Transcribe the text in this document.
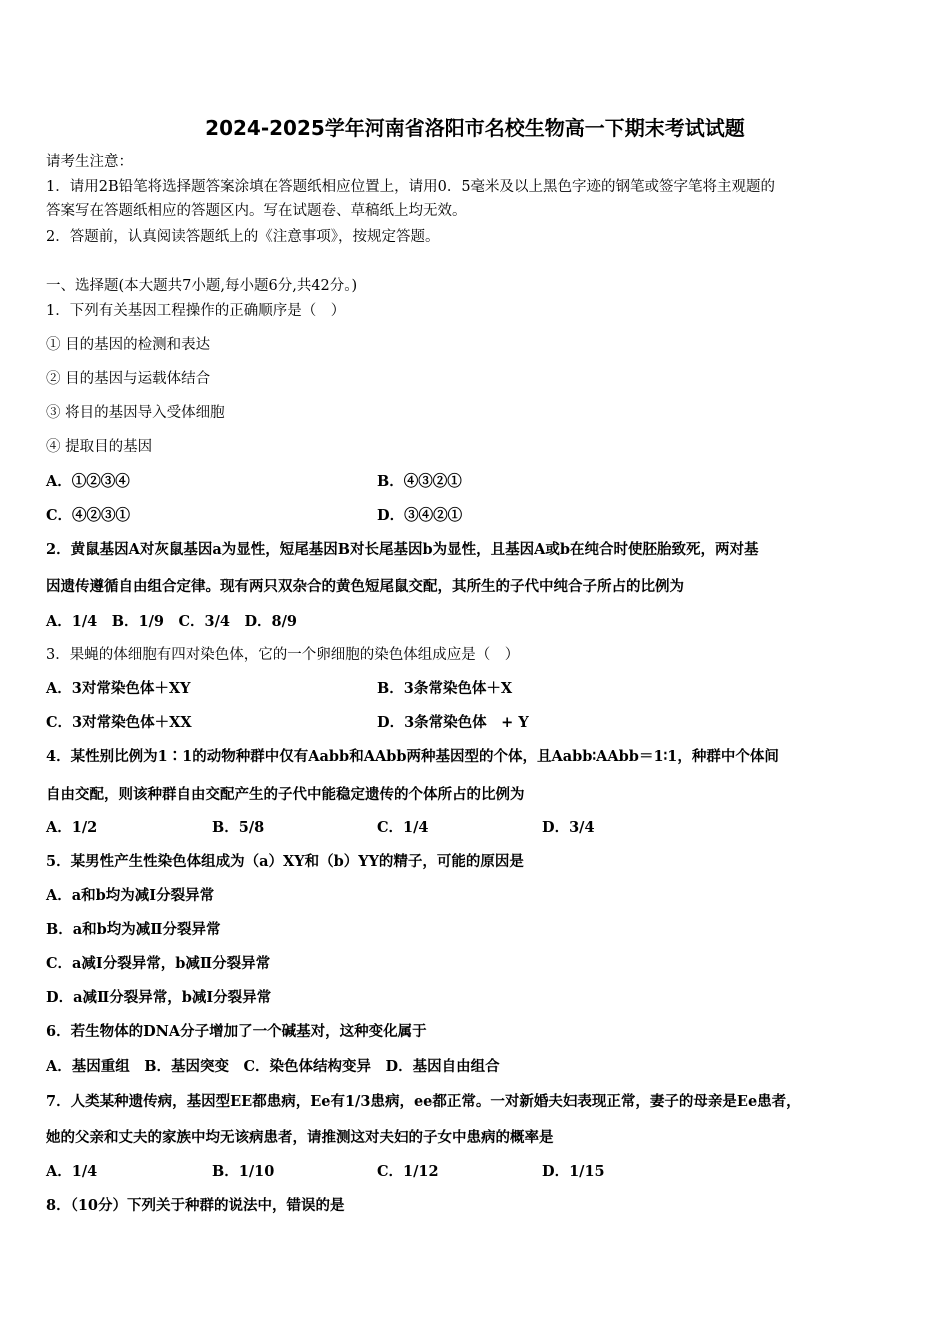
2024-2025学年河南省洛阳市名校生物高一下期末考试试题
请考生注意：
1．请用2B铅笔将选择题答案涂填在答题纸相应位置上，请用0．5毫米及以上黑色字迹的钢笔或签字笔将主观题的
答案写在答题纸相应的答题区内。写在试题卷、草稿纸上均无效。
2．答题前，认真阅读答题纸上的《注意事项》，按规定答题。
一、选择题(本大题共7小题,每小题6分,共42分。)
1．下列有关基因工程操作的正确顺序是（　）
① 目的基因的检测和表达
② 目的基因与运载体结合
③ 将目的基因导入受体细胞
④ 提取目的基因
A．①②③④	B．④③②①
C．④②③①	D．③④②①
2．黄鼠基因A对灰鼠基因a为显性，短尾基因B对长尾基因b为显性，且基因A或b在纯合时使胚胎致死，两对基
因遗传遵循自由组合定律。现有两只双杂合的黄色短尾鼠交配，其所生的子代中纯合子所占的比例为
A．1/4　B．1/9　C．3/4　D．8/9
3．果蝇的体细胞有四对染色体，它的一个卵细胞的染色体组成应是（　）
A．3对常染色体＋XY	B．3条常染色体＋X
C．3对常染色体＋XX	D．3条常染色体　+ Y
4．某性别比例为1∶1的动物种群中仅有Aabb和AAbb两种基因型的个体，且Aabb∶AAbb＝1∶1，种群中个体间
自由交配，则该种群自由交配产生的子代中能稳定遗传的个体所占的比例为
A．1/2	B．5/8	C．1/4	D．3/4
5．某男性产生性染色体组成为（a）XY和（b）YY的精子，可能的原因是
A．a和b均为减Ⅰ分裂异常
B．a和b均为减Ⅱ分裂异常
C．a减Ⅰ分裂异常，b减Ⅱ分裂异常
D．a减Ⅱ分裂异常，b减Ⅰ分裂异常
6．若生物体的DNA分子增加了一个碱基对，这种变化属于
A．基因重组　B．基因突变　C．染色体结构变异　D．基因自由组合
7．人类某种遗传病，基因型EE都患病，Ee有1/3患病，ee都正常。一对新婚夫妇表现正常，妻子的母亲是Ee患者，
她的父亲和丈夫的家族中均无该病患者，请推测这对夫妇的子女中患病的概率是
A．1/4	B．1/10	C．1/12	D．1/15
8．（10分）下列关于种群的说法中，错误的是
